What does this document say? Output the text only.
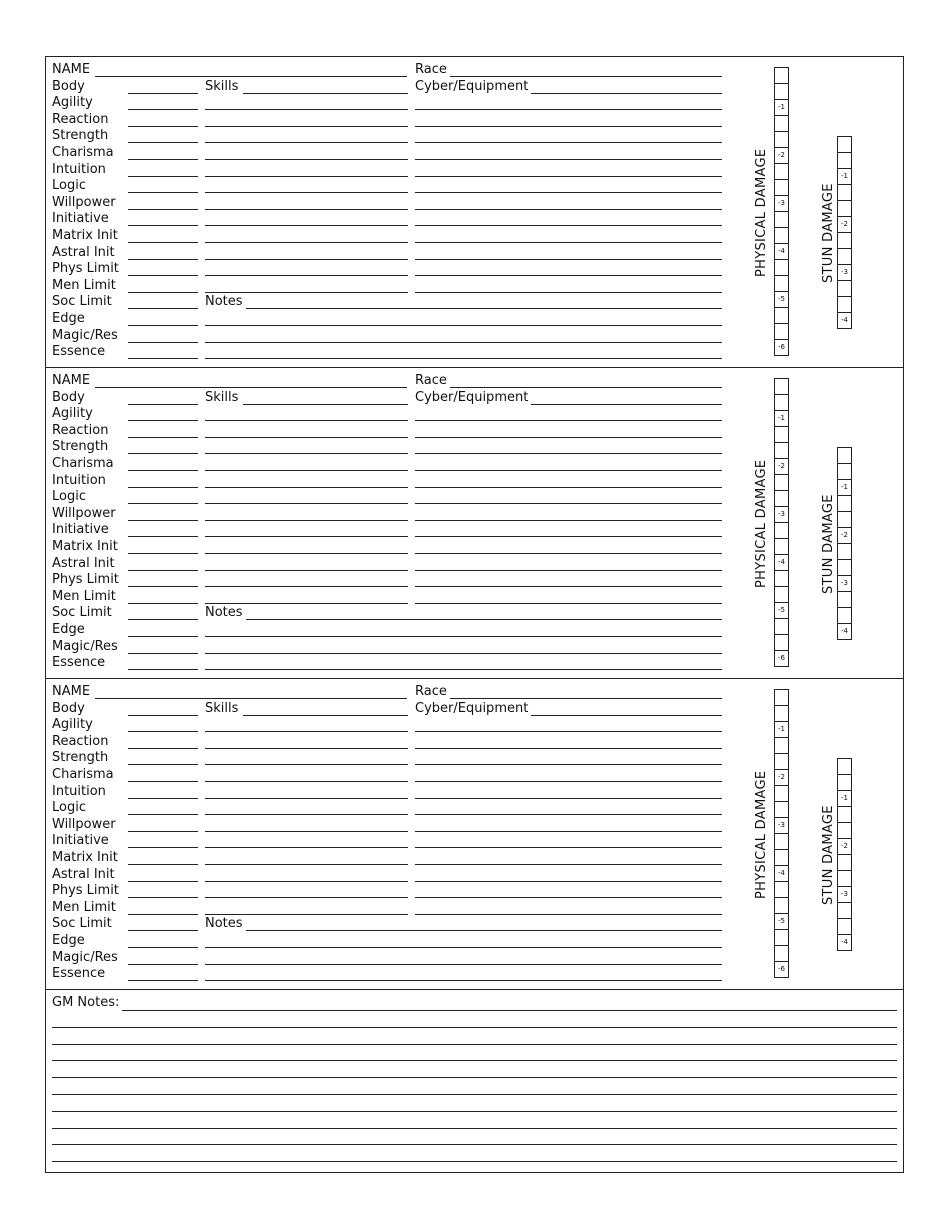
NAME	Race
Body	Skills	Cyber/Equipment
Agility
Reaction
Strength
Charisma
Intuition
Logic
Willpower
Initiative
Matrix Init
Astral Init
Phys Limit
Men Limit
Soc Limit	Notes
Edge
Magic/Res
Essence
PHYSICAL DAMAGE
-1
-2
-3
-4
-5
-6
STUN DAMAGE
-1
-2
-3
-4
NAME	Race
Body	Skills	Cyber/Equipment
Agility
Reaction
Strength
Charisma
Intuition
Logic
Willpower
Initiative
Matrix Init
Astral Init
Phys Limit
Men Limit
Soc Limit	Notes
Edge
Magic/Res
Essence
PHYSICAL DAMAGE
-1
-2
-3
-4
-5
-6
STUN DAMAGE
-1
-2
-3
-4
NAME	Race
Body	Skills	Cyber/Equipment
Agility
Reaction
Strength
Charisma
Intuition
Logic
Willpower
Initiative
Matrix Init
Astral Init
Phys Limit
Men Limit
Soc Limit	Notes
Edge
Magic/Res
Essence
PHYSICAL DAMAGE
-1
-2
-3
-4
-5
-6
STUN DAMAGE
-1
-2
-3
-4
GM Notes:
